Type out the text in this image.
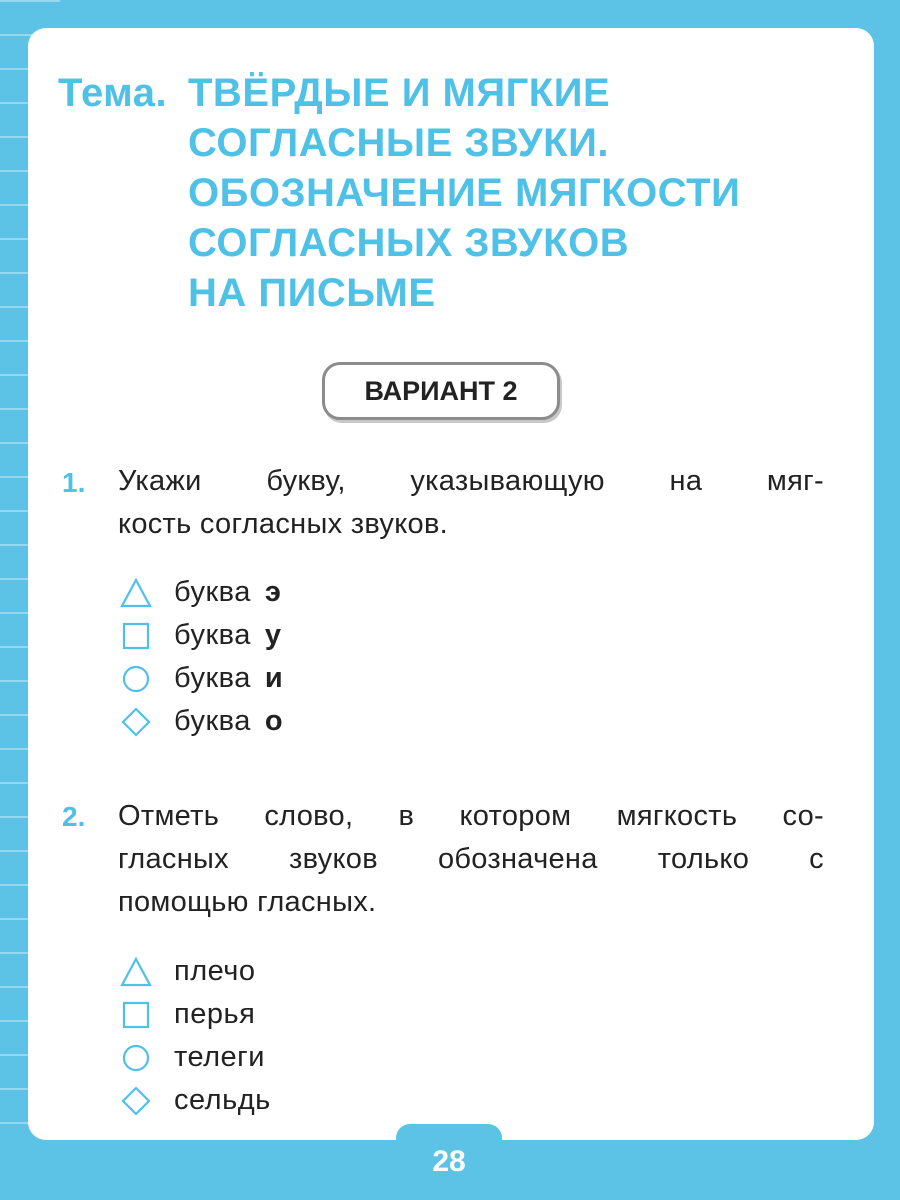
Тема. ТВЁРДЫЕ И МЯГКИЕ
СОГЛАСНЫЕ ЗВУКИ.
ОБОЗНАЧЕНИЕ МЯГКОСТИ
СОГЛАСНЫХ ЗВУКОВ
НА ПИСЬМЕ
ВАРИАНТ 2
1. Укажи букву, указывающую на мяг-
кость согласных звуков.
буква э
буква у
буква и
буква о
2. Отметь слово, в котором мягкость со-
гласных звуков обозначена только с
помощью гласных.
плечо
перья
телеги
сельдь
28
